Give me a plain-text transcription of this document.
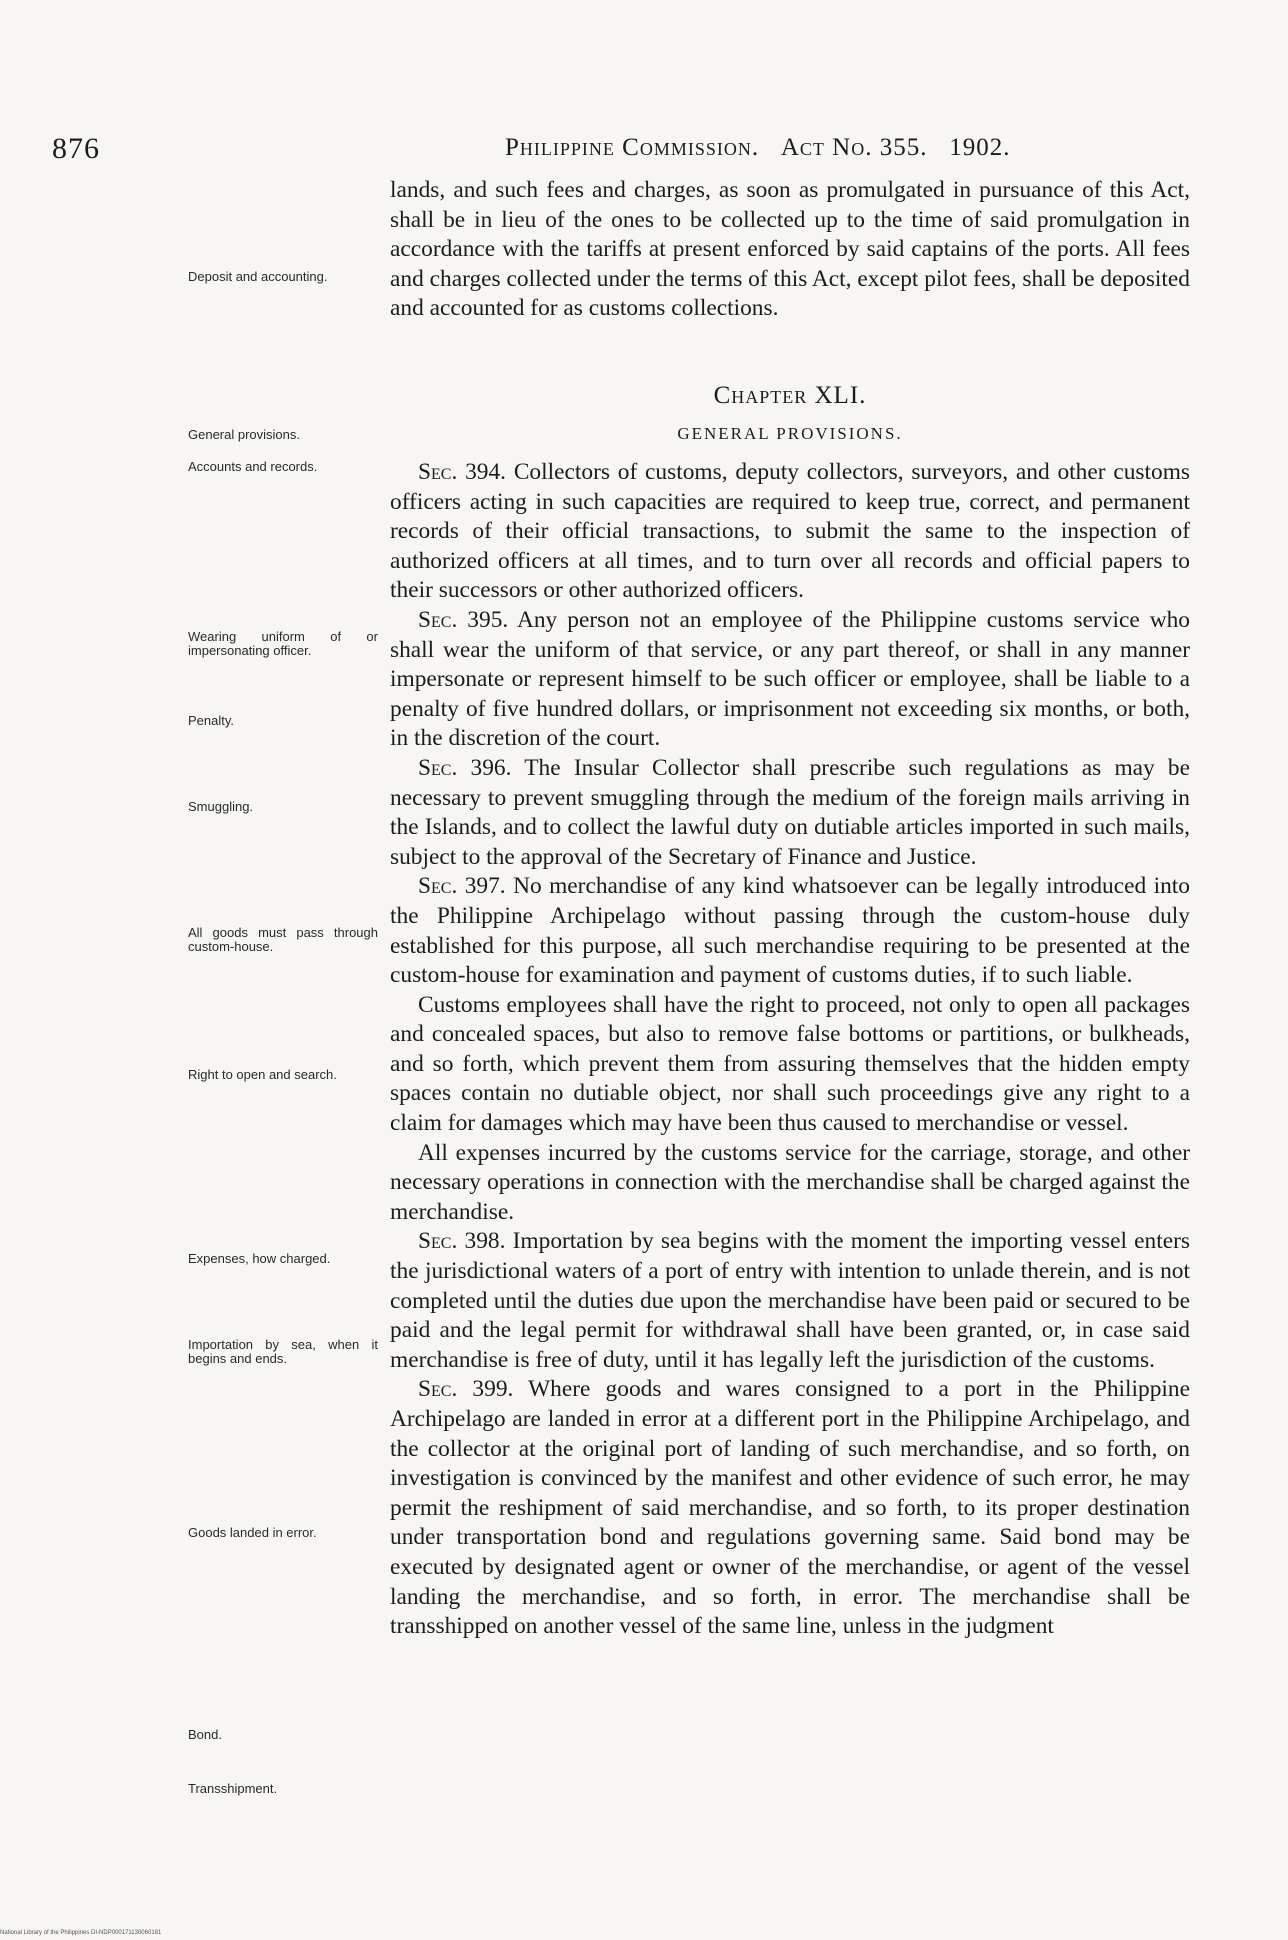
876	Philippine Commission. Act No. 355. 1902.

lands, and such fees and charges, as soon as promulgated in pursuance of this Act, shall be in lieu of the ones to be collected up to the time of said promulgation in accordance with the tariffs at present enforced by said captains of the ports. All fees and charges collected under the terms of this Act, except pilot fees, shall be deposited and accounted for as customs collections.

Chapter XLI.
GENERAL PROVISIONS.

Sec. 394. Collectors of customs, deputy collectors, surveyors, and other customs officers acting in such capacities are required to keep true, correct, and permanent records of their official transactions, to submit the same to the inspection of authorized officers at all times, and to turn over all records and official papers to their successors or other authorized officers.

Sec. 395. Any person not an employee of the Philippine customs service who shall wear the uniform of that service, or any part thereof, or shall in any manner impersonate or represent himself to be such officer or employee, shall be liable to a penalty of five hundred dollars, or imprisonment not exceeding six months, or both, in the discretion of the court.

Sec. 396. The Insular Collector shall prescribe such regulations as may be necessary to prevent smuggling through the medium of the foreign mails arriving in the Islands, and to collect the lawful duty on dutiable articles imported in such mails, subject to the approval of the Secretary of Finance and Justice.

Sec. 397. No merchandise of any kind whatsoever can be legally introduced into the Philippine Archipelago without passing through the custom-house duly established for this purpose, all such merchandise requiring to be presented at the custom-house for examination and payment of customs duties, if to such liable.

Customs employees shall have the right to proceed, not only to open all packages and concealed spaces, but also to remove false bottoms or partitions, or bulkheads, and so forth, which prevent them from assuring themselves that the hidden empty spaces contain no dutiable object, nor shall such proceedings give any right to a claim for damages which may have been thus caused to merchandise or vessel.

All expenses incurred by the customs service for the carriage, storage, and other necessary operations in connection with the merchandise shall be charged against the merchandise.

Sec. 398. Importation by sea begins with the moment the importing vessel enters the jurisdictional waters of a port of entry with intention to unlade therein, and is not completed until the duties due upon the merchandise have been paid or secured to be paid and the legal permit for withdrawal shall have been granted, or, in case said merchandise is free of duty, until it has legally left the jurisdiction of the customs.

Sec. 399. Where goods and wares consigned to a port in the Philippine Archipelago are landed in error at a different port in the Philippine Archipelago, and the collector at the original port of landing of such merchandise, and so forth, on investigation is convinced by the manifest and other evidence of such error, he may permit the reshipment of said merchandise, and so forth, to its proper destination under transportation bond and regulations governing same. Said bond may be executed by designated agent or owner of the merchandise, or agent of the vessel landing the merchandise, and so forth, in error. The merchandise shall be transshipped on another vessel of the same line, unless in the judgment

Deposit and accounting.
General provisions.
Accounts and records.
Wearing uniform of or impersonating officer.
Penalty.
Smuggling.
All goods must pass through custom-house.
Right to open and search.
Expenses, how charged.
Importation by sea, when it begins and ends.
Goods landed in error.
Bond.
Transshipment.
National Library of the Philippines DI-NDP000171130060181
